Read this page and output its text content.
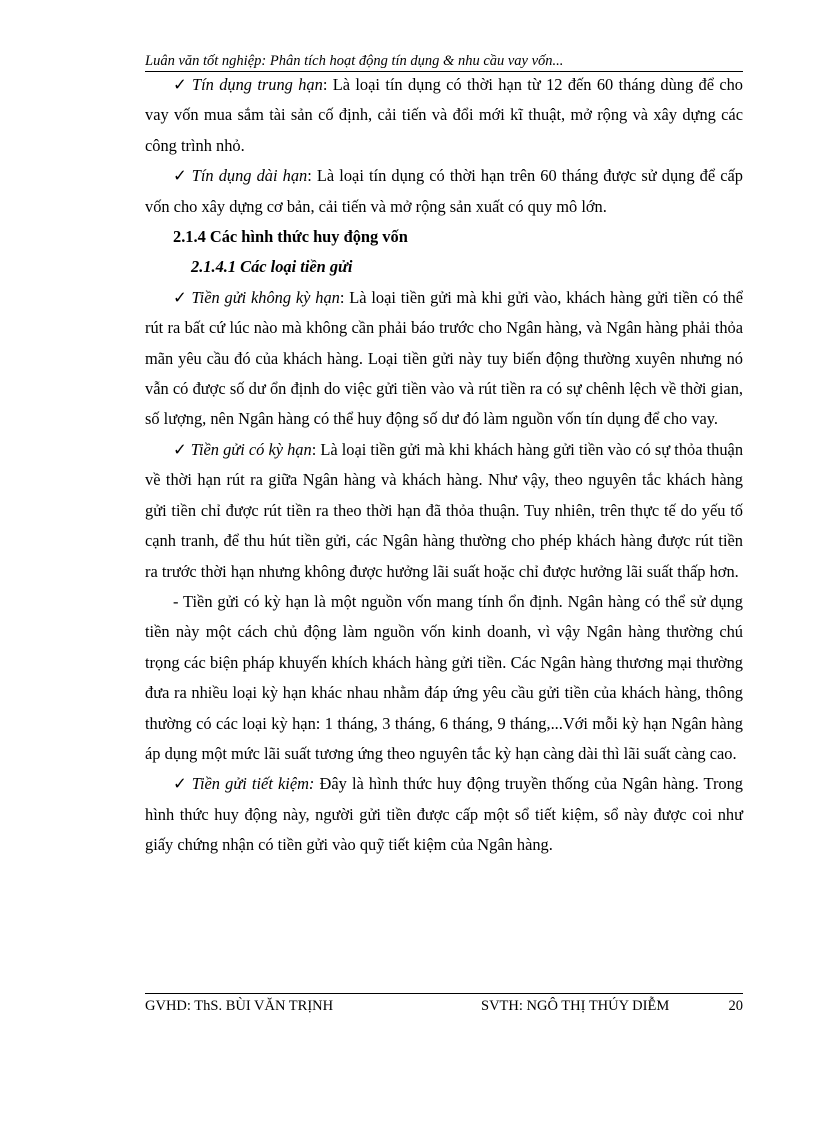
Luân văn tốt nghiệp: Phân tích hoạt động tín dụng & nhu cầu vay vốn...

✓ Tín dụng trung hạn: Là loại tín dụng có thời hạn từ 12 đến 60 tháng dùng để cho vay vốn mua sắm tài sản cố định, cải tiến và đổi mới kĩ thuật, mở rộng và xây dựng các công trình nhỏ.

✓ Tín dụng dài hạn: Là loại tín dụng có thời hạn trên 60 tháng được sử dụng để cấp vốn cho xây dựng cơ bản, cải tiến và mở rộng sản xuất có quy mô lớn.

2.1.4 Các hình thức huy động vốn

2.1.4.1 Các loại tiền gửi

✓ Tiền gửi không kỳ hạn: Là loại tiền gửi mà khi gửi vào, khách hàng gửi tiền có thể rút ra bất cứ lúc nào mà không cần phải báo trước cho Ngân hàng, và Ngân hàng phải thỏa mãn yêu cầu đó của khách hàng. Loại tiền gửi này tuy biến động thường xuyên nhưng nó vẫn có được số dư ổn định do việc gửi tiền vào và rút tiền ra có sự chênh lệch về thời gian, số lượng, nên Ngân hàng có thể huy động số dư đó làm nguồn vốn tín dụng để cho vay.

✓ Tiền gửi có kỳ hạn: Là loại tiền gửi mà khi khách hàng gửi tiền vào có sự thỏa thuận về thời hạn rút ra giữa Ngân hàng và khách hàng. Như vậy, theo nguyên tắc khách hàng gửi tiền chỉ được rút tiền ra theo thời hạn đã thỏa thuận. Tuy nhiên, trên thực tế do yếu tố cạnh tranh, để thu hút tiền gửi, các Ngân hàng thường cho phép khách hàng được rút tiền ra trước thời hạn nhưng không được hưởng lãi suất hoặc chỉ được hưởng lãi suất thấp hơn.

- Tiền gửi có kỳ hạn là một nguồn vốn mang tính ổn định. Ngân hàng có thể sử dụng tiền này một cách chủ động làm nguồn vốn kinh doanh, vì vậy Ngân hàng thường chú trọng các biện pháp khuyến khích khách hàng gửi tiền. Các Ngân hàng thương mại thường đưa ra nhiều loại kỳ hạn khác nhau nhằm đáp ứng yêu cầu gửi tiền của khách hàng, thông thường có các loại kỳ hạn: 1 tháng, 3 tháng, 6 tháng, 9 tháng,...Với mỗi kỳ hạn Ngân hàng áp dụng một mức lãi suất tương ứng theo nguyên tắc kỳ hạn càng dài thì lãi suất càng cao.

✓ Tiền gửi tiết kiệm: Đây là hình thức huy động truyền thống của Ngân hàng. Trong hình thức huy động này, người gửi tiền được cấp một sổ tiết kiệm, sổ này được coi như giấy chứng nhận có tiền gửi vào quỹ tiết kiệm của Ngân hàng.

GVHD: ThS. BÙI VĂN TRỊNH	SVTH: NGÔ THỊ THÚY DIỄM	20
